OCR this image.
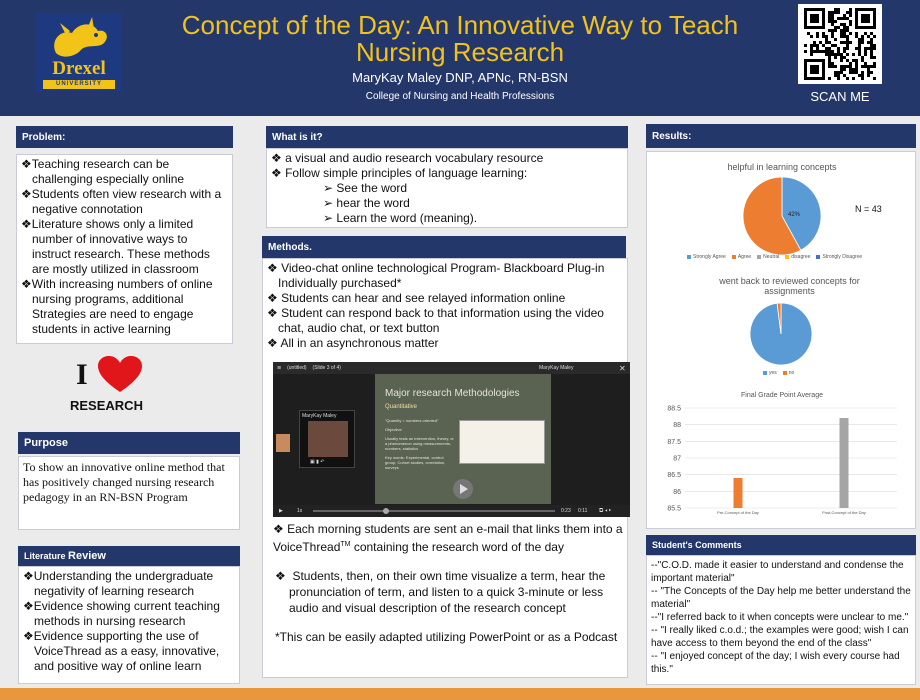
Drexel
UNIVERSITY
Concept of the Day: An Innovative Way to Teach
Nursing Research
MaryKay Maley DNP, APNc, RN-BSN
College of Nursing and Health Professions	SCAN ME
Problem:
❖Teaching research can be challenging especially online
❖Students often view research with a negative connotation
❖Literature shows only a limited number of innovative ways to instruct research. These methods are mostly utilized in classroom
❖With increasing numbers of online nursing programs, additional Strategies are need to engage students in active learning
I
RESEARCH
Purpose
To show an innovative online method that has positively changed nursing research pedagogy in an RN-BSN Program
Literature
Review
❖Understanding the undergraduate negativity of learning research
❖Evidence showing current teaching methods in nursing research
❖Evidence supporting the use of VoiceThread as a easy, innovative, and positive way of online learn
What is it?
❖ a visual and audio research vocabulary resource
❖ Follow simple principles of language learning:
➢ See the word
➢ hear the word
➢ Learn the word (meaning).
Methods.
❖ Video-chat online technological Program- Blackboard Plug-in Individually purchased*
❖ Students can hear and see relayed information online
❖ Student can respond back to that information using the video chat, audio chat, or text button
❖ All in an asynchronous matter
≡ (untitled) (Slide 3 of 4)	MaryKay Maley	✕
MaryKay Maley
▣ ▮ ↶
Major research Methodologies
Quantitative
"Quantity = numbers oriented"
Objective
Usually tests an intervention, theory, or a phenomenon using measurements, numbers, statistics
Key words: Experimental, control group, Cohort studies, correlation, surveys
▶	1x	0:23 0:11 ⧉ ◂ ▸
❖ Each morning students are sent an e-mail that links them into a VoiceThread™ containing the research word of the day
❖  Students, then, on their own time visualize a term, hear the pronunciation of term, and listen to a quick 3-minute or less audio and visual description of the research concept
*This can be easily adapted utilizing PowerPoint or as a Podcast
Results:
helpful in learning concepts
42%
N = 43
Strongly Agree Agree Neutral disagree Strongly Disagree
went back to reviewed concepts for assignments
yes no
Final Grade Point Average
85.5
86
86.5
87
87.5
88
88.5
Pre-Concept of the Day	Post-Concept of the Day
Student's Comments
--"C.O.D. made it easier to understand and condense the important material"
-- "The Concepts of the Day help me better understand the material"
--"I referred back to it when concepts were unclear to me."
-- "I really liked c.o.d.; the examples were good; wish I can have access to them beyond the end of the class"
-- "I enjoyed concept of the day; I wish every course had this."
